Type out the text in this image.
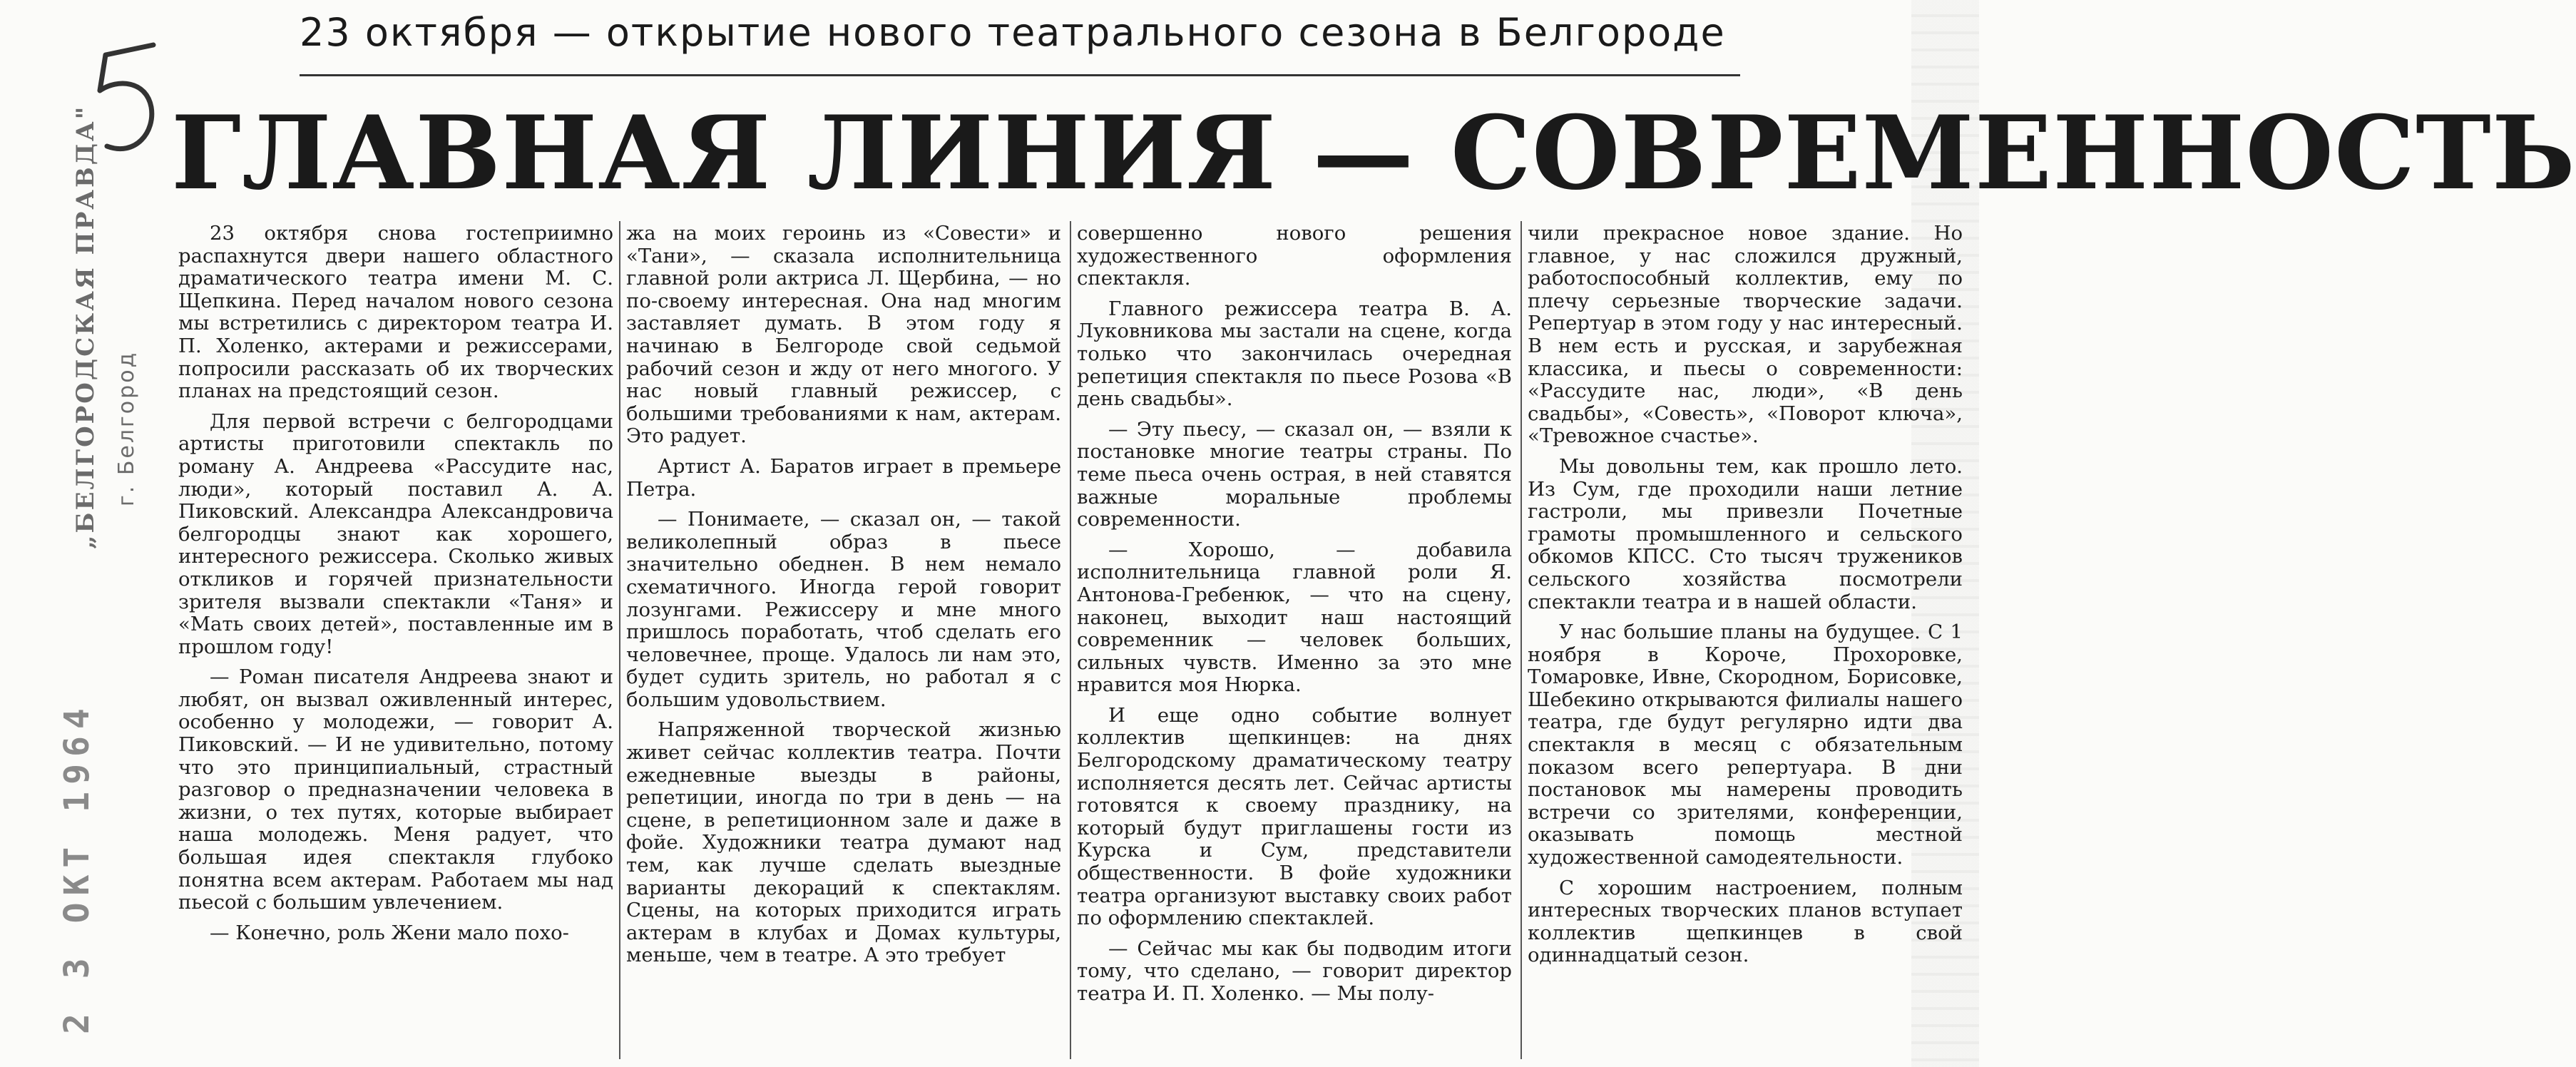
„БЕЛГОРОДСКАЯ ПРАВДА" г. Белгород
2 3 ОКТ 1964
23 октября — открытие нового театрального сезона в Белгороде
ГЛАВНАЯ ЛИНИЯ — СОВРЕМЕННОСТЬ

23 октября снова гостеприимно распахнутся двери нашего областного драматического театра имени М. С. Щепкина. Перед началом нового сезона мы встретились с директором театра И. П. Холенко, актерами и режиссерами, попросили рассказать об их творческих планах на предстоящий сезон.

Для первой встречи с белгородцами артисты приготовили спектакль по роману А. Андреева «Рассудите нас, люди», который поставил А. А. Пиковский. Александра Александровича белгородцы знают как хорошего, интересного режиссера. Сколько живых откликов и горячей признательности зрителя вызвали спектакли «Таня» и «Мать своих детей», поставленные им в прошлом году!

— Роман писателя Андреева знают и любят, он вызвал оживленный интерес, особенно у молодежи, — говорит А. Пиковский. — И не удивительно, потому что это принципиальный, страстный разговор о предназначении человека в жизни, о тех путях, которые выбирает наша молодежь. Меня радует, что большая идея спектакля глубоко понятна всем актерам. Работаем мы над пьесой с большим увлечением.

— Конечно, роль Жени мало похо-

жа на моих героинь из «Совести» и «Тани», — сказала исполнительница главной роли актриса Л. Щербина, — но по-своему интересная. Она над многим заставляет думать. В этом году я начинаю в Белгороде свой седьмой рабочий сезон и жду от него многого. У нас новый главный режиссер, с большими требованиями к нам, актерам. Это радует.

Артист А. Баратов играет в премьере Петра.

— Понимаете, — сказал он, — такой великолепный образ в пьесе значительно обеднен. В нем немало схематичного. Иногда герой говорит лозунгами. Режиссеру и мне много пришлось поработать, чтоб сделать его человечнее, проще. Удалось ли нам это, будет судить зритель, но работал я с большим удовольствием.

Напряженной творческой жизнью живет сейчас коллектив театра. Почти ежедневные выезды в районы, репетиции, иногда по три в день — на сцене, в репетиционном зале и даже в фойе. Художники театра думают над тем, как лучше сделать выездные варианты декораций к спектаклям. Сцены, на которых приходится играть актерам в клубах и Домах культуры, меньше, чем в театре. А это требует

совершенно нового решения художественного оформления спектакля.

Главного режиссера театра В. А. Луковникова мы застали на сцене, когда только что закончилась очередная репетиция спектакля по пьесе Розова «В день свадьбы».

— Эту пьесу, — сказал он, — взяли к постановке многие театры страны. По теме пьеса очень острая, в ней ставятся важные моральные проблемы современности.

— Хорошо, — добавила исполнительница главной роли Я. Антонова-Гребенюк, — что на сцену, наконец, выходит наш настоящий современник — человек больших, сильных чувств. Именно за это мне нравится моя Нюрка.

И еще одно событие волнует коллектив щепкинцев: на днях Белгородскому драматическому театру исполняется десять лет. Сейчас артисты готовятся к своему празднику, на который будут приглашены гости из Курска и Сум, представители общественности. В фойе художники театра организуют выставку своих работ по оформлению спектаклей.

— Сейчас мы как бы подводим итоги тому, что сделано, — говорит директор театра И. П. Холенко. — Мы полу-

чили прекрасное новое здание. Но главное, у нас сложился дружный, работоспособный коллектив, ему по плечу серьезные творческие задачи. Репертуар в этом году у нас интересный. В нем есть и русская, и зарубежная классика, и пьесы о современности: «Рассудите нас, люди», «В день свадьбы», «Совесть», «Поворот ключа», «Тревожное счастье».

Мы довольны тем, как прошло лето. Из Сум, где проходили наши летние гастроли, мы привезли Почетные грамоты промышленного и сельского обкомов КПСС. Сто тысяч тружеников сельского хозяйства посмотрели спектакли театра и в нашей области.

У нас большие планы на будущее. С 1 ноября в Короче, Прохоровке, Томаровке, Ивне, Скородном, Борисовке, Шебекино открываются филиалы нашего театра, где будут регулярно идти два спектакля в месяц с обязательным показом всего репертуара. В дни постановок мы намерены проводить встречи со зрителями, конференции, оказывать помощь местной художественной самодеятельности.

С хорошим настроением, полным интересных творческих планов вступает коллектив щепкинцев в свой одиннадцатый сезон.
